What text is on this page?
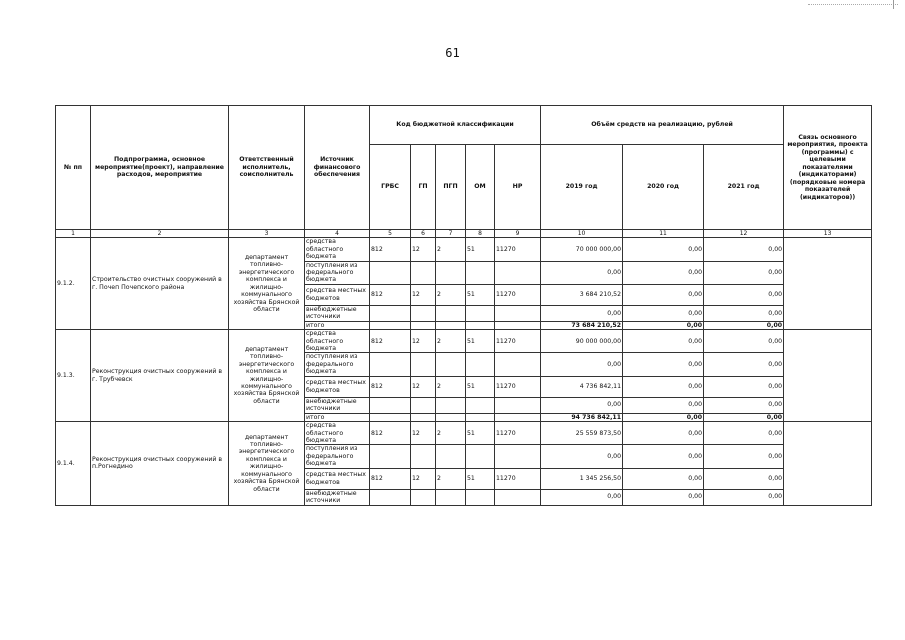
61
№ пп	Подпрограмма, основное мероприятие(проект), направление расходов, мероприятие	Ответственный исполнитель, соисполнитель	Источник финансового обеспечения	Код бюджетной классификации					Объём средств на реализацию, рублей			Связь основного мероприятия, проекта (программы) с целевыми показателями (индикаторами) (порядковые номера показателей (индикаторов))
				ГРБС	ГП	ПГП	ОМ	НР	2019 год	2020 год	2021 год	
1	2	3	4	5	6	7	8	9	10	11	12	13
9.1.2.	Строительство очистных сооружений в г. Почеп Почепского района	департамент топливно-энергетического комплекса и жилищно-коммунального хозяйства Брянской области	средства областного бюджета	812	12	2	51	11270	70 000 000,00	0,00	0,00	
			поступления из федерального бюджета						0,00	0,00	0,00	
			средства местных бюджетов	812	12	2	51	11270	3 684 210,52	0,00	0,00	
			внебюджетные источники						0,00	0,00	0,00	
			итого						73 684 210,52	0,00	0,00	
9.1.3.	Реконструкция очистных сооружений в г. Трубчевск	департамент топливно-энергетического комплекса и жилищно-коммунального хозяйства Брянской области	средства областного бюджета	812	12	2	51	11270	90 000 000,00	0,00	0,00	
			поступления из федерального бюджета						0,00	0,00	0,00	
			средства местных бюджетов	812	12	2	51	11270	4 736 842,11	0,00	0,00	
			внебюджетные источники						0,00	0,00	0,00	
			итого						94 736 842,11	0,00	0,00	
9.1.4.	Реконструкция очистных сооружений в п.Рогнедино	департамент топливно-энергетического комплекса и жилищно-коммунального хозяйства Брянской области	средства областного бюджета	812	12	2	51	11270	25 559 873,50	0,00	0,00	
			поступления из федерального бюджета						0,00	0,00	0,00	
			средства местных бюджетов	812	12	2	51	11270	1 345 256,50	0,00	0,00	
			внебюджетные источники						0,00	0,00	0,00	
